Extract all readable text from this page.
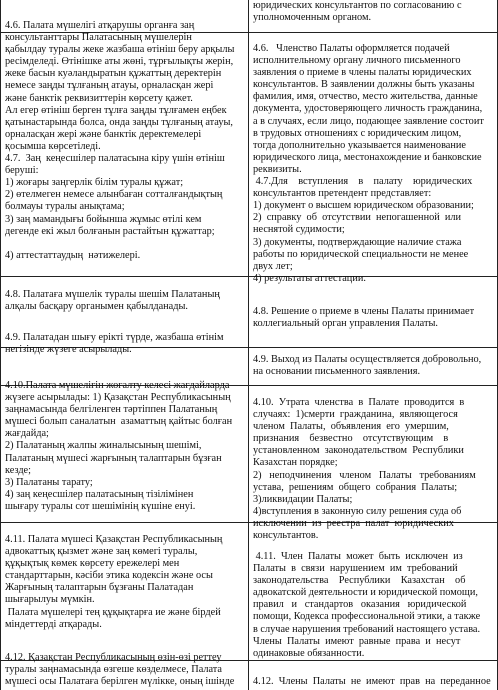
4.6. Палата мүшелігі атқарушы органға заң
консультанттары Палатасының мүшелерін
қабылдау туралы жеке жазбаша өтініш беру арқылы
ресімделеді. Өтінішке аты жөні, тұрғылықты жерін,
жеке басын куәландыратын құжаттың деректерін
немесе заңды тұлғаның атауы, орналасқан жері
және банктік реквизиттерін көрсету қажет.
Ал егер өтініш берген тұлға заңды тұлғамен еңбек
қатынастарында болса, онда заңды тұлғаның атауы,
орналасқан жері және банктік деректемелері
қосымша көрсетіледі.
4.7.  Заң  кеңесшілер палатасына кіру үшін өтініш
беруші:
1) жоғары заңгерлік білім туралы құжат;
2) өтелмеген немесе алынбаған сотталғандықтың
болмауы туралы анықтама;
3) заң мамандығы бойынша жұмыс өтілі кем
дегенде екі жыл болғанын растайтын құжаттар;

4) аттестаттаудың  нәтижелері.

4.8. Палатаға мүшелік туралы шешім Палатаның
алқалы басқару органымен қабылданады.

4.9. Палатадан шығу ерікті түрде, жазбаша өтінім
негізінде жүзеге асырылады.

4.10.Палата мүшелігін жоғалту келесі жағдайларда
жүзеге асырылады: 1) Қазақстан Республикасының
заңнамасында белгіленген тәртіппен Палатаның
мүшесі болып саналатын  азаматтың қайтыс болған
жағдайда;
2) Палатаның жалпы жиналысының шешімі,
Палатаның мүшесі жарғының талаптарын бұзған
кезде;
3) Палатаны тарату;
4) заң кеңесшілер палатасының тізілімінен
шығару туралы сот шешімінің күшіне енуі.

4.11. Палата мүшесі Қазақстан Республикасының
адвокаттық қызмет және заң көмегі туралы,
құқықтық көмек көрсету ережелері мен
стандарттарын, кәсіби этика кодексін және осы
Жарғының талаптарын бұзғаны Палатадан
шығарылуы мүмкін.
Палата мүшелері тең құқықтарға ие және бірдей
міндеттерді атқарады.

4.12. Қазақстан Республикасының өзін-өзі реттеу
туралы заңнамасында өзгеше көзделмесе, Палата
мүшесі осы Палатаға берілген мүлікке, оның ішінде

юридических консультантов по согласованию с
уполномоченным органом.

4.6.   Членство Палаты оформляется подачей
исполнительному органу личного письменного
заявления о приеме в члены палаты юридических
консультантов. В заявлении должны быть указаны
фамилия, имя, отчество, место жительства, данные
документа, удостоверяющего личность гражданина,
а в случаях, если лицо, подающее заявление состоит
в трудовых отношениях с юридическим лицом,
тогда дополнительно указывается наименование
юридического лица, местонахождение и банковские
реквизиты.
4.7.Для    вступления    в    палату    юридических
консультантов претендент представляет:
1) документ о высшем юридическом образовании;
2)  справку  об  отсутствии  непогашенной  или
неснятой судимости;
3) документы, подтверждающие наличие стажа
работы по юридической специальности не менее
двух лет;
4) результаты аттестации.

4.8. Решение о приеме в члены Палаты принимает
коллегиальный орган управления Палаты.

4.9. Выход из Палаты осуществляется добровольно,
на основании письменного заявления.

4.10.  Утрата  членства  в  Палате  проводится  в
случаях:  1)смерти  гражданина,  являющегося
членом  Палаты,  объявления  его  умершим,
признания    безвестно    отсутствующим    в
установленном  законодательством  Республики
Казахстан порядке;
2)   неподчинения   членом   Палаты   требованиям
устава,  решениям  общего  собрания  Палаты;
3)ликвидации Палаты;
4)вступления в законную силу решения суда об
исключении  из  реестра  палат  юридических
консультантов.

4.11.  Член  Палаты  может  быть  исключен  из
Палаты  в  связи  нарушением  им  требований
законодательства    Республики    Казахстан    об
адвокатской деятельности и юридической помощи,
правил   и   стандартов   оказания   юридической
помощи, Кодекса профессиональной этики, а также
в случае нарушения требований настоящего устава.
Члены  Палаты  имеют  равные  права  и  несут
одинаковые обязанности.

4.12.  Члены  Палаты  не  имеют  прав  на  переданное
